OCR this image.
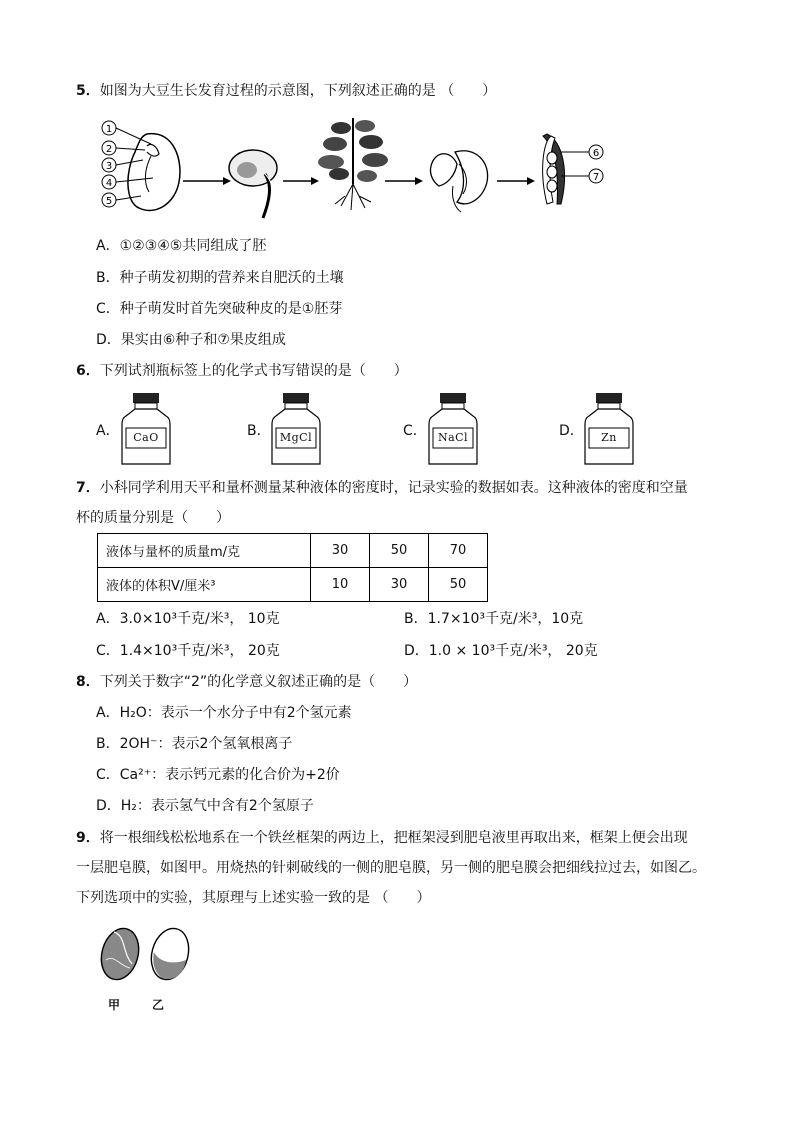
5．如图为大豆生长发育过程的示意图，下列叙述正确的是 （　　）
1
2
3
4
5
6
7
A．①②③④⑤共同组成了胚
B．种子萌发初期的营养来自肥沃的土壤
C．种子萌发时首先突破种皮的是①胚芽
D．果实由⑥种子和⑦果皮组成
6．下列试剂瓶标签上的化学式书写错误的是（　　）
A．	CaO	B． MgCl	C．	NaCl	D．	Zn
7．小科同学利用天平和量杯测量某种液体的密度时，记录实验的数据如表。这种液体的密度和空量
杯的质量分别是（　　）
液体与量杯的质量m/克	30	50	70
液体的体积V/厘米³	10	30	50
A．3.0×10³千克/米³， 10克	B．1.7×10³千克/米³，10克
C．1.4×10³千克/米³， 20克	D．1.0 × 10³千克/米³， 20克
8．下列关于数字“2”的化学意义叙述正确的是（　　）
A．H₂O：表示一个水分子中有2个氢元素
B．2OH⁻：表示2个氢氧根离子
C．Ca²⁺：表示钙元素的化合价为+2价
D．H₂：表示氢气中含有2个氢原子
9．将一根细线松松地系在一个铁丝框架的两边上，把框架浸到肥皂液里再取出来，框架上便会出现
一层肥皂膜，如图甲。用烧热的针刺破线的一侧的肥皂膜，另一侧的肥皂膜会把细线拉过去，如图乙。
下列选项中的实验，其原理与上述实验一致的是 （　　）
甲	乙
